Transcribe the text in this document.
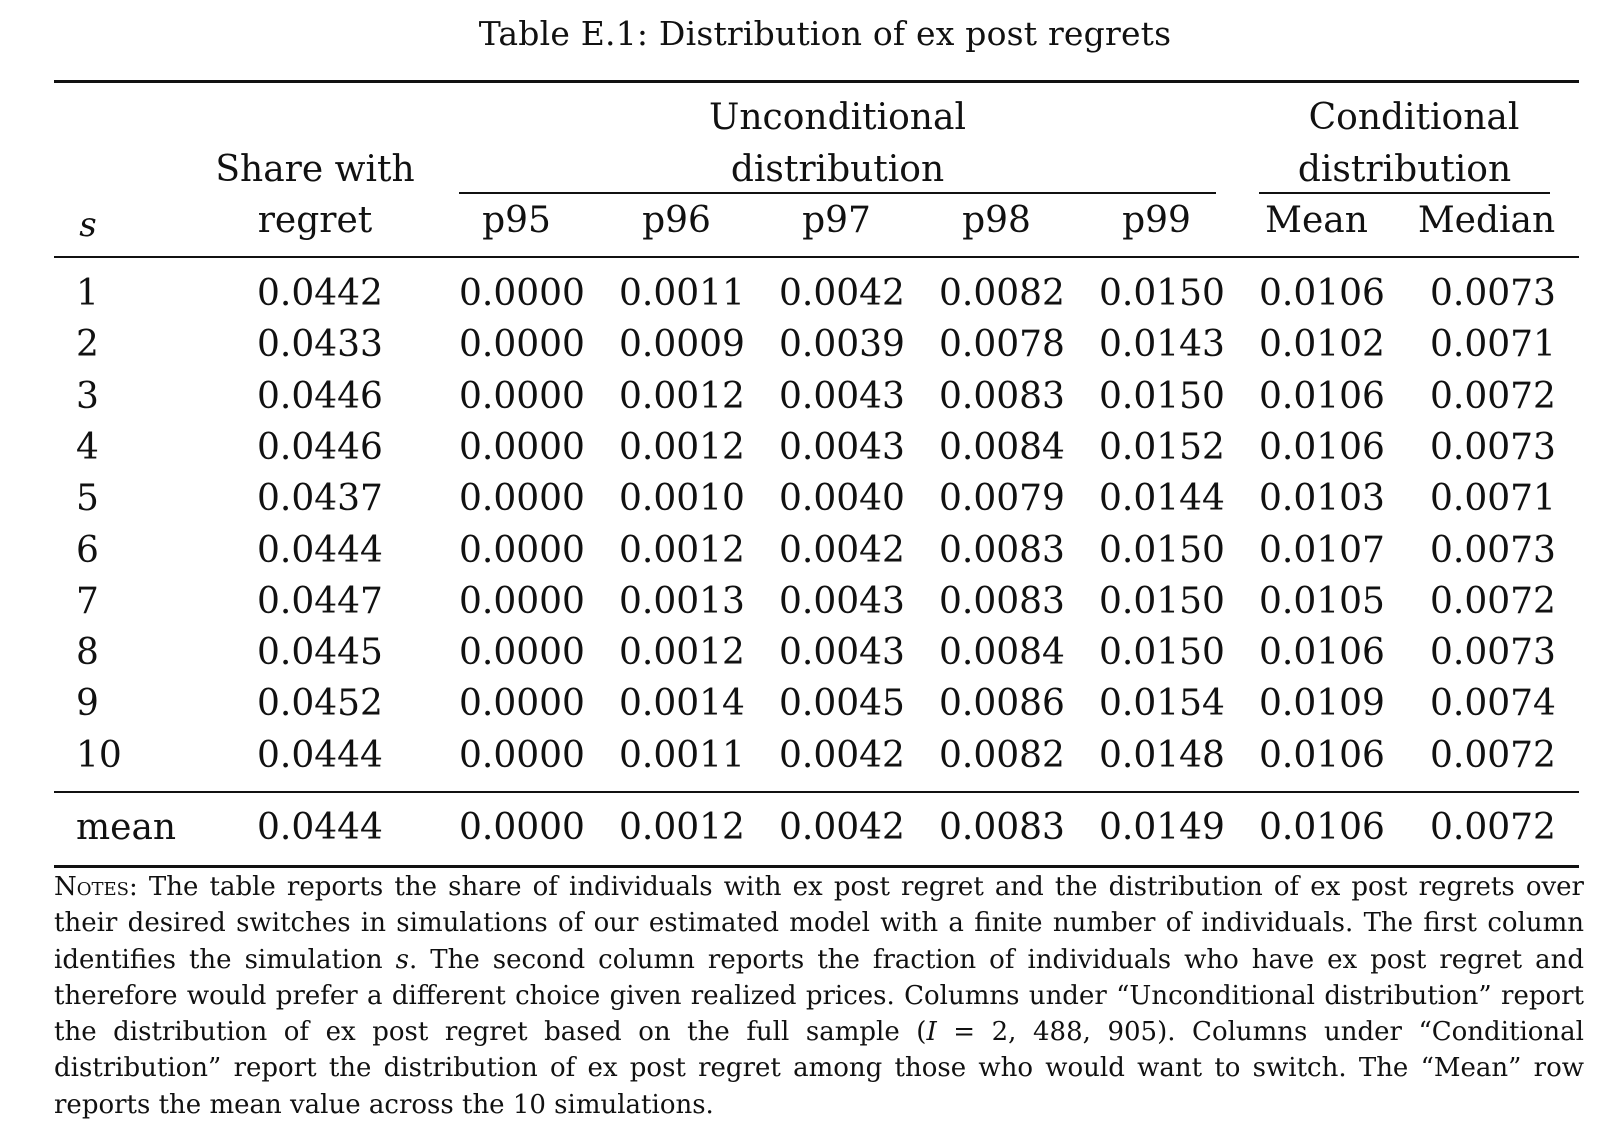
Table E.1: Distribution of ex post regrets
s
Share with
regret
Unconditional
distribution
Conditional
distribution
p95	p96	p97	p98	p99	Mean Median
1	0.0442 0.0000 0.0011 0.0042 0.0082 0.0150 0.0106 0.0073
2	0.0433 0.0000 0.0009 0.0039 0.0078 0.0143 0.0102 0.0071
3	0.0446 0.0000 0.0012 0.0043 0.0083 0.0150 0.0106 0.0072
4	0.0446 0.0000 0.0012 0.0043 0.0084 0.0152 0.0106 0.0073
5	0.0437 0.0000 0.0010 0.0040 0.0079 0.0144 0.0103 0.0071
6	0.0444 0.0000 0.0012 0.0042 0.0083 0.0150 0.0107 0.0073
7	0.0447 0.0000 0.0013 0.0043 0.0083 0.0150 0.0105 0.0072
8	0.0445 0.0000 0.0012 0.0043 0.0084 0.0150 0.0106 0.0073
9	0.0452 0.0000 0.0014 0.0045 0.0086 0.0154 0.0109 0.0074
10	0.0444 0.0000 0.0011 0.0042 0.0082 0.0148 0.0106 0.0072
mean 0.0444 0.0000 0.0012 0.0042 0.0083 0.0149 0.0106 0.0072
Notes: The table reports the share of individuals with ex post regret and the distribution of ex post regrets over their desired switches in simulations of our estimated model with a finite number of individuals. The first column identifies the simulation s. The second column reports the fraction of individuals who have ex post regret and therefore would prefer a different choice given realized prices. Columns under “Unconditional distribution” report the distribution of ex post regret based on the full sample (I = 2, 488, 905). Columns under “Conditional distribution” report the distribution of ex post regret among those who would want to switch. The “Mean” row reports the mean value across the 10 simulations.
